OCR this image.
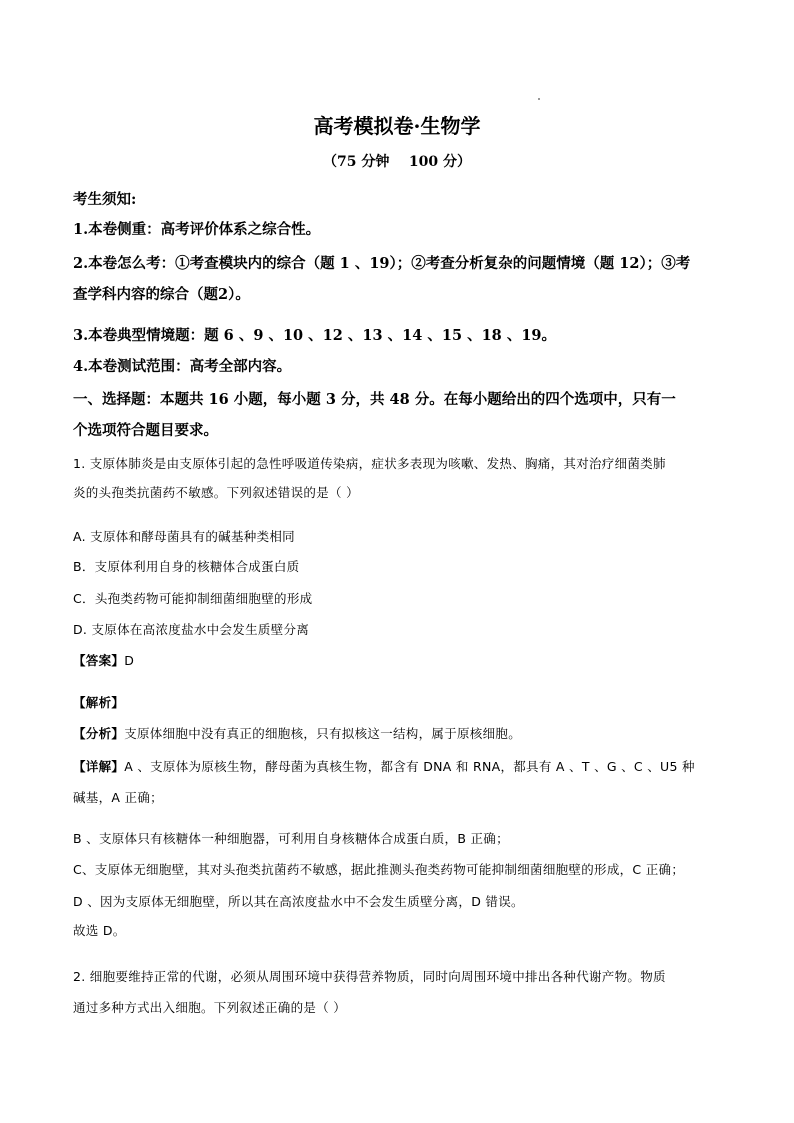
高考模拟卷·生物学
（75 分钟    100 分）
考生须知:
1.本卷侧重：高考评价体系之综合性。
2.本卷怎么考：①考查模块内的综合（题 1 、19）；②考查分析复杂的问题情境（题 12）；③考
查学科内容的综合（题2）。
3.本卷典型情境题：题 6 、9 、10 、12 、13 、14 、15 、18 、19。
4.本卷测试范围：高考全部内容。
一、选择题：本题共 16 小题，每小题 3 分，共 48 分。在每小题给出的四个选项中，只有一
个选项符合题目要求。
1. 支原体肺炎是由支原体引起的急性呼吸道传染病，症状多表现为咳嗽、发热、胸痛，其对治疗细菌类肺
炎的头孢类抗菌药不敏感。下列叙述错误的是（ ）
A. 支原体和酵母菌具有的碱基种类相同
B．支原体利用自身的核糖体合成蛋白质
C．头孢类药物可能抑制细菌细胞壁的形成
D. 支原体在高浓度盐水中会发生质壁分离
【答案】D
【解析】
【分析】支原体细胞中没有真正的细胞核，只有拟核这一结构，属于原核细胞。
【详解】A 、支原体为原核生物，酵母菌为真核生物，都含有 DNA 和 RNA，都具有 A 、T 、G 、C 、U5 种
碱基，A 正确；
B 、支原体只有核糖体一种细胞器，可利用自身核糖体合成蛋白质，B 正确；
C、支原体无细胞壁，其对头孢类抗菌药不敏感，据此推测头孢类药物可能抑制细菌细胞壁的形成，C 正确；
D 、因为支原体无细胞壁，所以其在高浓度盐水中不会发生质壁分离，D 错误。
故选 D。
2. 细胞要维持正常的代谢，必须从周围环境中获得营养物质，同时向周围环境中排出各种代谢产物。物质
通过多种方式出入细胞。下列叙述正确的是（ ）
